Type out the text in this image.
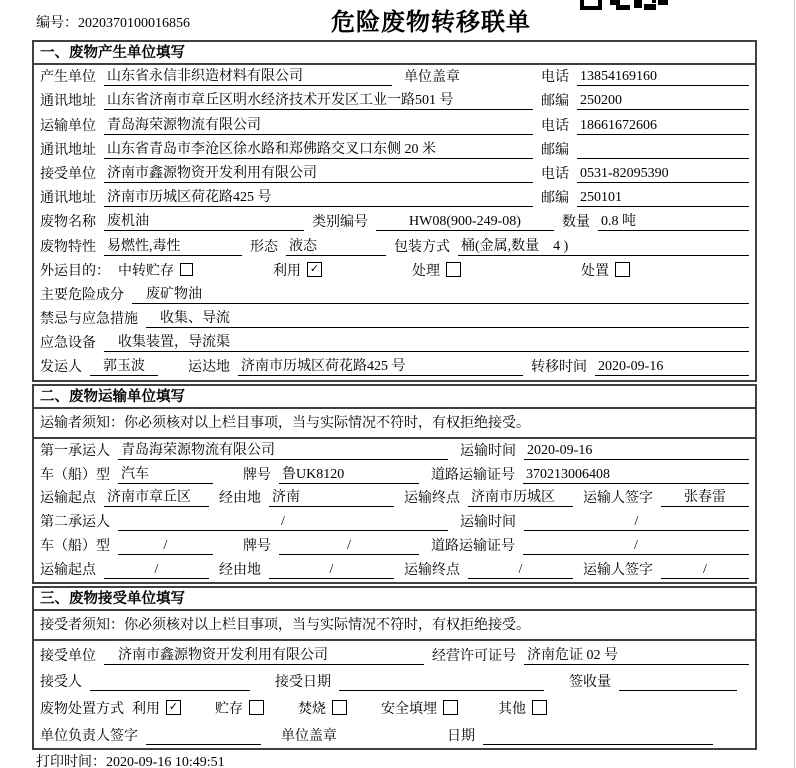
编号：2020370100016856	危险废物转移联单
一、废物产生单位填写
产生单位 山东省永信非织造材料有限公司	单位盖章	电话 13854169160
通讯地址 山东省济南市章丘区明水经济技术开发区工业一路501 号	邮编 250200
运输单位 青岛海荣源物流有限公司	电话 18661672606
通讯地址 山东省青岛市李沧区徐水路和郑佛路交叉口东侧 20 米	邮编
接受单位 济南市鑫源物资开发利用有限公司	电话 0531-82095390
通讯地址 济南市历城区荷花路425 号	邮编 250101
废物名称 废机油	类别编号	HW08(900-249-08)	数量 0.8 吨
废物特性 易燃性,毒性	形态 液态	包装方式 桶(金属,数量　4 )
外运目的： 中转贮存	利用 ✓	处理	处置
主要危险成分	废矿物油
禁忌与应急措施	收集、导流
应急设备	收集装置，导流渠
发运人	郭玉波	运达地 济南市历城区荷花路425 号	转移时间 2020-09-16
二、废物运输单位填写
运输者须知：你必须核对以上栏目事项，当与实际情况不符时，有权拒绝接受。
第一承运人 青岛海荣源物流有限公司	运输时间 2020-09-16
车（船）型 汽车	牌号 鲁UK8120	道路运输证号 370213006408
运输起点 济南市章丘区	经由地 济南	运输终点 济南市历城区	运输人签字	张春雷
第二承运人	/	运输时间	/
车（船）型	/	牌号	/	道路运输证号	/
运输起点	/	经由地	/	运输终点	/	运输人签字	/
三、废物接受单位填写
接受者须知：你必须核对以上栏目事项，当与实际情况不符时，有权拒绝接受。
接受单位	济南市鑫源物资开发利用有限公司	经营许可证号 济南危证 02 号
接受人	接受日期	签收量
废物处置方式 利用 ✓	贮存	焚烧	安全填埋	其他
单位负责人签字	单位盖章	日期
打印时间：2020-09-16 10:49:51
